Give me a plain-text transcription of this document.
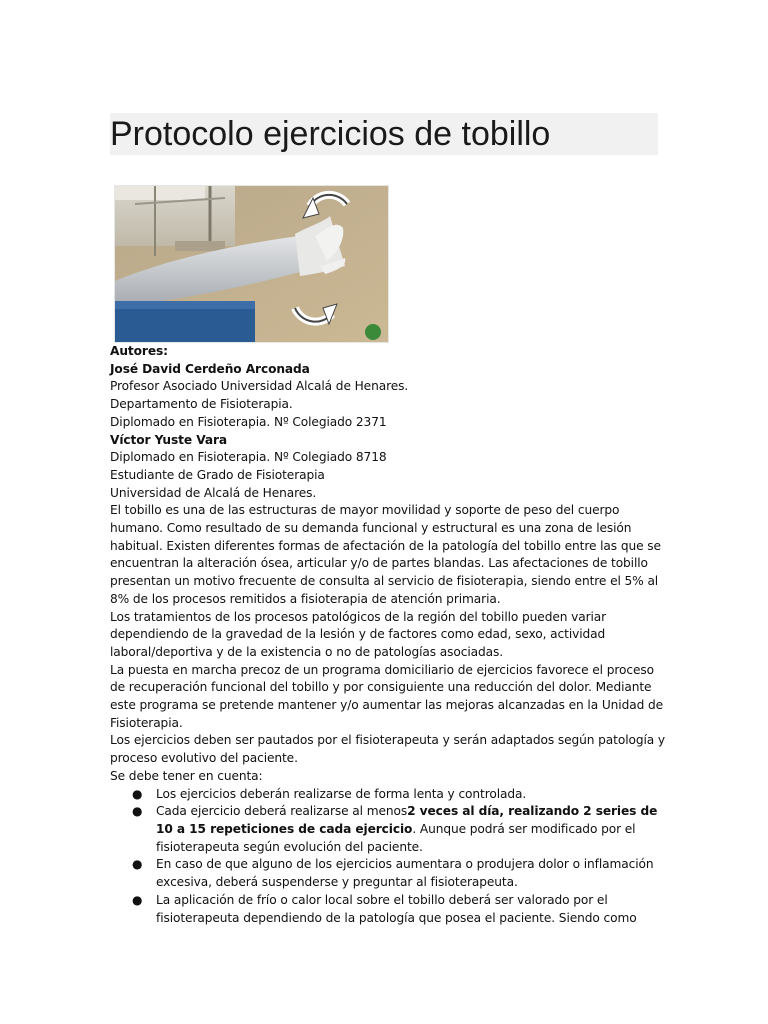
Protocolo ejercicios de tobillo

Autores:

José David Cerdeño Arconada

Profesor Asociado Universidad Alcalá de Henares.

Departamento de Fisioterapia.

Diplomado en Fisioterapia. Nº Colegiado 2371

Víctor Yuste Vara

Diplomado en Fisioterapia. Nº Colegiado 8718

Estudiante de Grado de Fisioterapia

Universidad de Alcalá de Henares.

El tobillo es una de las estructuras de mayor movilidad y soporte de peso del cuerpo humano. Como resultado de su demanda funcional y estructural es una zona de lesión habitual. Existen diferentes formas de afectación de la patología del tobillo entre las que se encuentran la alteración ósea, articular y/o de partes blandas. Las afectaciones de tobillo presentan un motivo frecuente de consulta al servicio de fisioterapia, siendo entre el 5% al 8% de los procesos remitidos a fisioterapia de atención primaria.

Los tratamientos de los procesos patológicos de la región del tobillo pueden variar dependiendo de la gravedad de la lesión y de factores como edad, sexo, actividad laboral/deportiva y de la existencia o no de patologías asociadas.

La puesta en marcha precoz de un programa domiciliario de ejercicios favorece el proceso de recuperación funcional del tobillo y por consiguiente una reducción del dolor. Mediante este programa se pretende mantener y/o aumentar las mejoras alcanzadas en la Unidad de Fisioterapia.

Los ejercicios deben ser pautados por el fisioterapeuta y serán adaptados según patología y proceso evolutivo del paciente.

Se debe tener en cuenta:

● Los ejercicios deberán realizarse de forma lenta y controlada.
● Cada ejercicio deberá realizarse al menos2 veces al día, realizando 2 series de 10 a 15 repeticiones de cada ejercicio. Aunque podrá ser modificado por el fisioterapeuta según evolución del paciente.
● En caso de que alguno de los ejercicios aumentara o produjera dolor o inflamación excesiva, deberá suspenderse y preguntar al fisioterapeuta.
● La aplicación de frío o calor local sobre el tobillo deberá ser valorado por el fisioterapeuta dependiendo de la patología que posea el paciente. Siendo como
